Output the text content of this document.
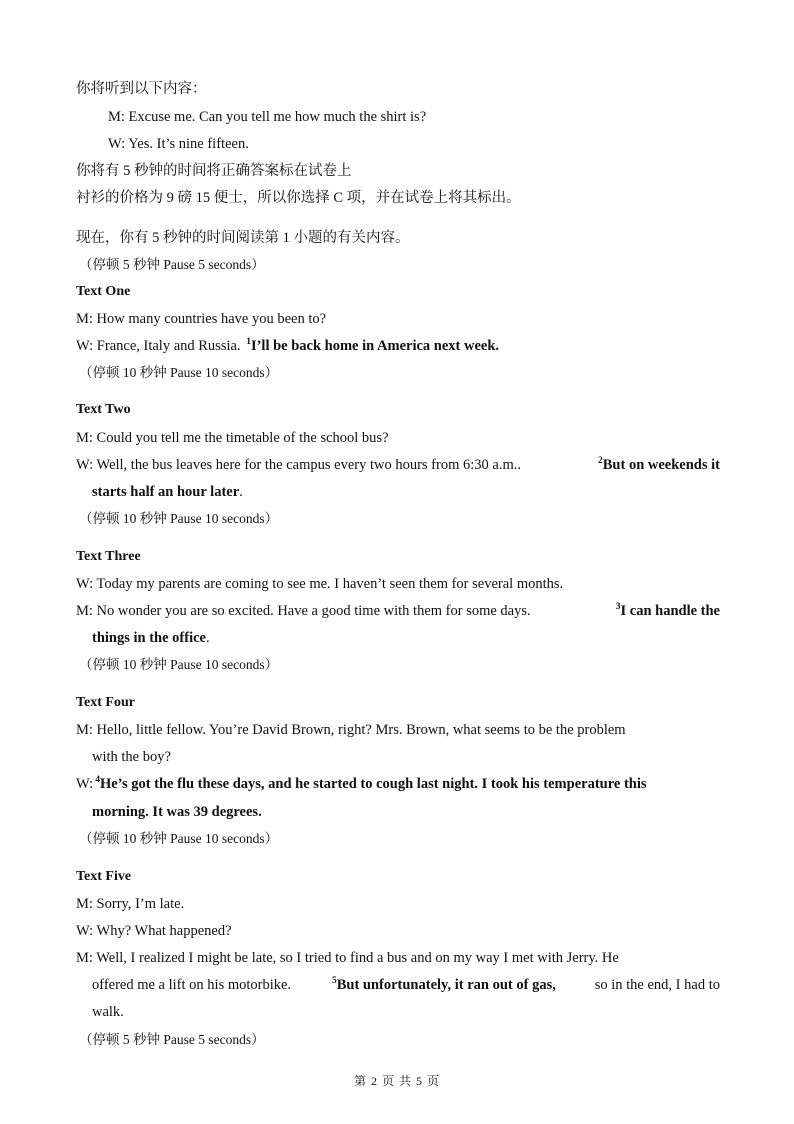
你将听到以下内容：
M: Excuse me. Can you tell me how much the shirt is?
W: Yes. It’s nine fifteen.
你将有 5 秒钟的时间将正确答案标在试卷上
衬衫的价格为 9 磅 15 便士，所以你选择 C 项，并在试卷上将其标出。
现在，你有 5 秒钟的时间阅读第 1 小题的有关内容。
（停顿 5 秒钟 Pause 5 seconds）
Text One
M: How many countries have you been to?
W: France, Italy and Russia. $^1$I’ll be back home in America next week.
（停顿 10 秒钟 Pause 10 seconds）
Text Two
M: Could you tell me the timetable of the school bus?
W: Well, the bus leaves here for the campus every two hours from 6:30 a.m..	$^2$But on weekends it
starts half an hour later.
（停顿 10 秒钟 Pause 10 seconds）
Text Three
W: Today my parents are coming to see me. I haven’t seen them for several months.
M: No wonder you are so excited. Have a good time with them for some days.	$^3$I can handle the
things in the office.
（停顿 10 秒钟 Pause 10 seconds）
Text Four
M: Hello, little fellow. You’re David Brown, right? Mrs. Brown, what seems to be the problem
with the boy?
W: $^4$He’s got the flu these days, and he started to cough last night. I took his temperature this
morning. It was 39 degrees.
（停顿 10 秒钟 Pause 10 seconds）
Text Five
M: Sorry, I’m late.
W: Why? What happened?
M: Well, I realized I might be late, so I tried to find a bus and on my way I met with Jerry. He
offered me a lift on his motorbike.	$^5$But unfortunately, it ran out of gas,	so in the end, I had to
walk.
（停顿 5 秒钟 Pause 5 seconds）
第 2 页 共 5 页
